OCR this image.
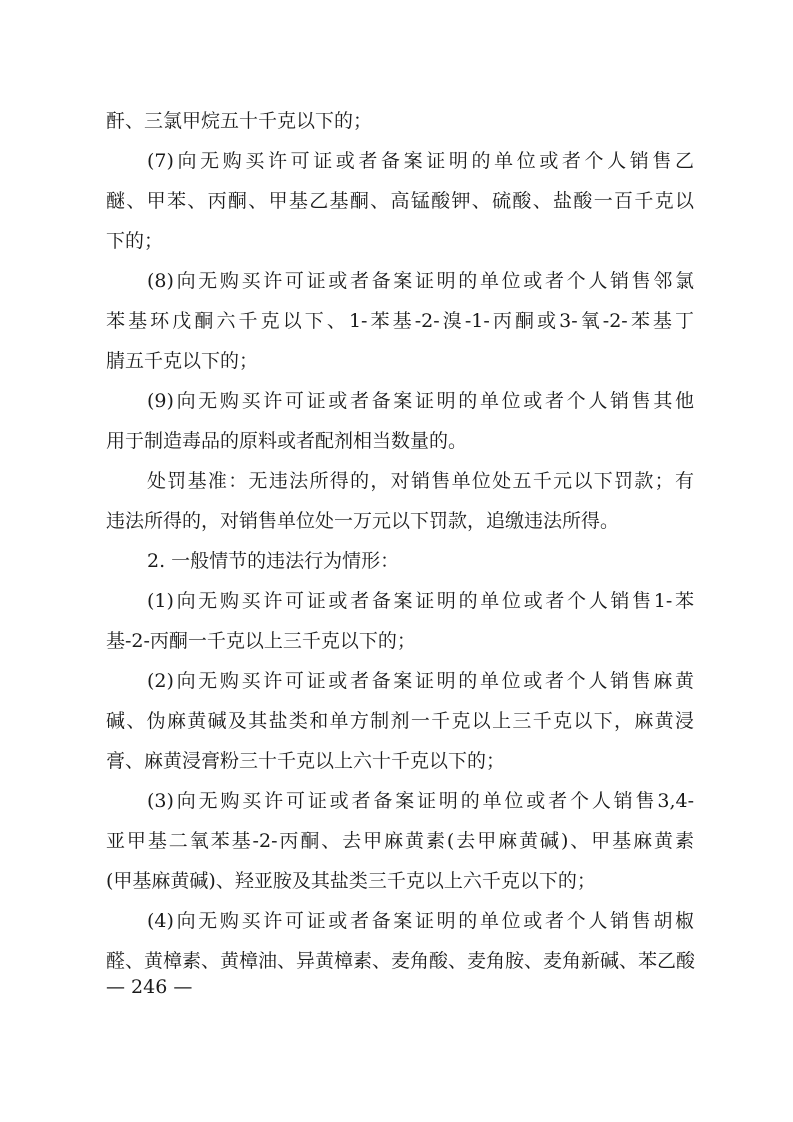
酐、三氯甲烷五十千克以下的；
(7)向无购买许可证或者备案证明的单位或者个人销售乙
醚、甲苯、丙酮、甲基乙基酮、高锰酸钾、硫酸、盐酸一百千克以
下的；
(8)向无购买许可证或者备案证明的单位或者个人销售邻氯
苯基环戊酮六千克以下、1-苯基-2-溴-1-丙酮或3-氧-2-苯基丁
腈五千克以下的；
(9)向无购买许可证或者备案证明的单位或者个人销售其他
用于制造毒品的原料或者配剂相当数量的。
处罚基准：无违法所得的，对销售单位处五千元以下罚款；有
违法所得的，对销售单位处一万元以下罚款，追缴违法所得。
2. 一般情节的违法行为情形：
(1)向无购买许可证或者备案证明的单位或者个人销售1-苯
基-2-丙酮一千克以上三千克以下的；
(2)向无购买许可证或者备案证明的单位或者个人销售麻黄
碱、伪麻黄碱及其盐类和单方制剂一千克以上三千克以下，麻黄浸
膏、麻黄浸膏粉三十千克以上六十千克以下的；
(3)向无购买许可证或者备案证明的单位或者个人销售3,4-
亚甲基二氧苯基-2-丙酮、去甲麻黄素(去甲麻黄碱)、甲基麻黄素
(甲基麻黄碱)、羟亚胺及其盐类三千克以上六千克以下的；
(4)向无购买许可证或者备案证明的单位或者个人销售胡椒
醛、黄樟素、黄樟油、异黄樟素、麦角酸、麦角胺、麦角新碱、苯乙酸
— 246 —
